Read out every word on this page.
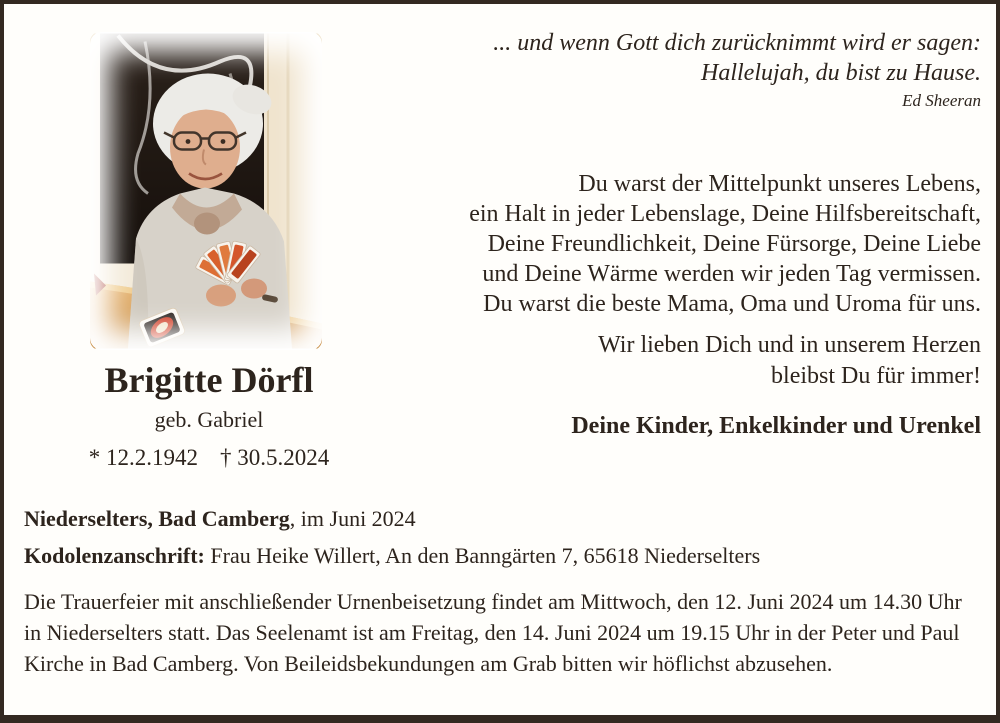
... und wenn Gott dich zurücknimmt wird er sagen:
Hallelujah, du bist zu Hause.
Ed Sheeran
Brigitte Dörfl
geb. Gabriel
* 12.2.1942 † 30.5.2024
Du warst der Mittelpunkt unseres Lebens,
ein Halt in jeder Lebenslage, Deine Hilfsbereitschaft,
Deine Freundlichkeit, Deine Fürsorge, Deine Liebe
und Deine Wärme werden wir jeden Tag vermissen.
Du warst die beste Mama, Oma und Uroma für uns.
Wir lieben Dich und in unserem Herzen
bleibst Du für immer!
Deine Kinder, Enkelkinder und Urenkel
Niederselters, Bad Camberg, im Juni 2024
Kodolenzanschrift: Frau Heike Willert, An den Banngärten 7, 65618 Niederselters
Die Trauerfeier mit anschließender Urnenbeisetzung findet am Mittwoch, den 12. Juni 2024 um 14.30 Uhr in Niederselters statt. Das Seelenamt ist am Freitag, den 14. Juni 2024 um 19.15 Uhr in der Peter und Paul Kirche in Bad Camberg. Von Beileidsbekundungen am Grab bitten wir höflichst abzusehen.
